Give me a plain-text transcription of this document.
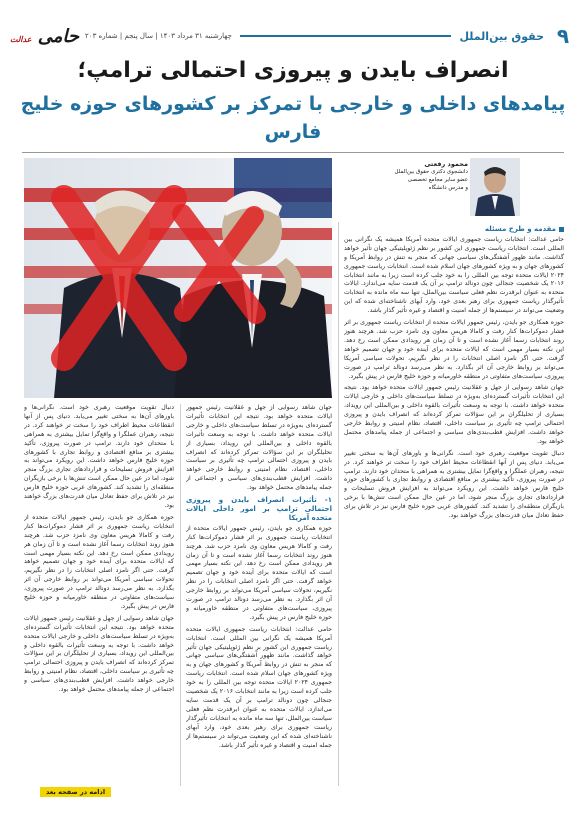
۹
حقوق بین‌الملل
چهارشنبه ۳۱ مرداد ۱۴۰۳ | سال پنجم | شماره ۲۰۳
حامی عدالت
انصراف بایدن و پیروزی احتمالی ترامپ؛
پیامدهای داخلی و خارجی با تمرکز بر کشورهای حوزه خلیج فارس
محمود رفعتی
دانشجوی دکتری حقوق بین‌الملل
عضو سایر مجامع تخصصی
و مدرس دانشگاه
مقدمه و طرح مسئله

حامی عدالت: انتخابات ریاست جمهوری ایالات متحده آمریکا همیشه یک نگرانی بین المللی است. انتخابات ریاست جمهوری این کشور بر نظم ژئوپلیتیکی جهان تأثیر خواهد گذاشت. مانند ظهور آشفتگی‌های سیاسی جهانی که منجر به تنش در روابط آمریکا و کشورهای جهان و به ویژه کشورهای جهان اسلام شده است. انتخابات ریاست جمهوری ۲۰۲۴ ایالات متحده توجه بین المللی را به خود جلب کرده است زیرا به مانند انتخابات ۲۰۱۶ یک شخصیت جنجالی چون دونالد ترامپ بر آن یک قدمت سایه می‌اندازد. ایالات متحده به عنوان ابرقدرت نظم فعلی سیاست بین‌الملل، تنها سه ماه مانده به انتخابات تأثیرگذار ریاست جمهوری برای رهبر بعدی خود، وارد آبهای ناشناخته‌ای شده که این وضعیت می‌تواند در سیستم‌ها از جمله امنیت و اقتصاد و غیره تأثیر گذار باشد.

حوزه همکاری جو بایدن، رئیس جمهور ایالات متحده از انتخابات ریاست جمهوری بر اثر فشار دموکرات‌ها کنار رفت و کامالا هریس معاون وی نامزد حزب شد. هرچند هنوز روند انتخابات رسما آغاز نشده است و تا آن زمان هر رویدادی ممکن است رخ دهد. این نکته بسیار مهمی است که ایالات متحده برای آینده خود و جهان تصمیم خواهد گرفت. حتی اگر نامزد اصلی انتخابات را در نظر نگیریم، تحولات سیاسی آمریکا می‌تواند بر روابط خارجی آن اثر بگذارد. به نظر می‌رسد دونالد ترامپ در صورت پیروزی، سیاست‌های متفاوتی در منطقه خاورمیانه و حوزه خلیج فارس در پیش بگیرد.

جهان شاهد رسوایی از جهل و عقلانیت رئیس جمهور ایالات متحده خواهد بود. نتیجه این انتخابات تأثیرات گسترده‌ای به‌ویژه در تسلط سیاست‌های داخلی و خارجی ایالات متحده خواهد داشت. با توجه به وسعت تأثیرات بالقوه داخلی و بین‌المللی این رویداد، بسیاری از تحلیلگران بر این سؤالات تمرکز کرده‌اند که انصراف بایدن و پیروزی احتمالی ترامپ چه تأثیری بر سیاست داخلی، اقتصاد، نظام امنیتی و روابط خارجی خواهد داشت. افزایش قطب‌بندی‌های سیاسی و اجتماعی از جمله پیامدهای محتمل خواهد بود.

دنبال تقویت موقعیت رهبری خود است. نگرانی‌ها و باورهای آن‌ها به سختی تغییر می‌یابد. دنیای پس از آنها انقطاعات محیط اطراف خود را سخت تر خواهند کرد. در نتیجه، رهبران عملگرا و واقع‌گرا تمایل بیشتری به همراهی با متحدان خود دارند. ترامپ در صورت پیروزی، تأکید بیشتری بر منافع اقتصادی و روابط تجاری با کشورهای حوزه خلیج فارس خواهد داشت. این رویکرد می‌تواند به افزایش فروش تسلیحات و قراردادهای تجاری بزرگ منجر شود، اما در عین حال ممکن است تنش‌ها با برخی بازیگران منطقه‌ای را تشدید کند. کشورهای عربی حوزه خلیج فارس نیز در تلاش برای حفظ تعادل میان قدرت‌های بزرگ خواهند بود.

جهان شاهد رسوایی از جهل و عقلانیت رئیس جمهور ایالات متحده خواهد بود. نتیجه این انتخابات تأثیرات گسترده‌ای به‌ویژه در تسلط سیاست‌های داخلی و خارجی ایالات متحده خواهد داشت. با توجه به وسعت تأثیرات بالقوه داخلی و بین‌المللی این رویداد، بسیاری از تحلیلگران بر این سؤالات تمرکز کرده‌اند که انصراف بایدن و پیروزی احتمالی ترامپ چه تأثیری بر سیاست داخلی، اقتصاد، نظام امنیتی و روابط خارجی خواهد داشت. افزایش قطب‌بندی‌های سیاسی و اجتماعی از جمله پیامدهای محتمل خواهد بود.

۱- تأثیرات انصراف بایدن و پیروزی احتمالی ترامپ بر امور داخلی ایالات متحده آمریکا

حوزه همکاری جو بایدن، رئیس جمهور ایالات متحده از انتخابات ریاست جمهوری بر اثر فشار دموکرات‌ها کنار رفت و کامالا هریس معاون وی نامزد حزب شد. هرچند هنوز روند انتخابات رسما آغاز نشده است و تا آن زمان هر رویدادی ممکن است رخ دهد. این نکته بسیار مهمی است که ایالات متحده برای آینده خود و جهان تصمیم خواهد گرفت. حتی اگر نامزد اصلی انتخابات را در نظر نگیریم، تحولات سیاسی آمریکا می‌تواند بر روابط خارجی آن اثر بگذارد. به نظر می‌رسد دونالد ترامپ در صورت پیروزی، سیاست‌های متفاوتی در منطقه خاورمیانه و حوزه خلیج فارس در پیش بگیرد.

حامی عدالت: انتخابات ریاست جمهوری ایالات متحده آمریکا همیشه یک نگرانی بین المللی است. انتخابات ریاست جمهوری این کشور بر نظم ژئوپلیتیکی جهان تأثیر خواهد گذاشت. مانند ظهور آشفتگی‌های سیاسی جهانی که منجر به تنش در روابط آمریکا و کشورهای جهان و به ویژه کشورهای جهان اسلام شده است. انتخابات ریاست جمهوری ۲۰۲۴ ایالات متحده توجه بین المللی را به خود جلب کرده است زیرا به مانند انتخابات ۲۰۱۶ یک شخصیت جنجالی چون دونالد ترامپ بر آن یک قدمت سایه می‌اندازد. ایالات متحده به عنوان ابرقدرت نظم فعلی سیاست بین‌الملل، تنها سه ماه مانده به انتخابات تأثیرگذار ریاست جمهوری برای رهبر بعدی خود، وارد آبهای ناشناخته‌ای شده که این وضعیت می‌تواند در سیستم‌ها از جمله امنیت و اقتصاد و غیره تأثیر گذار باشد.

دنبال تقویت موقعیت رهبری خود است. نگرانی‌ها و باورهای آن‌ها به سختی تغییر می‌یابد. دنیای پس از آنها انقطاعات محیط اطراف خود را سخت تر خواهند کرد. در نتیجه، رهبران عملگرا و واقع‌گرا تمایل بیشتری به همراهی با متحدان خود دارند. ترامپ در صورت پیروزی، تأکید بیشتری بر منافع اقتصادی و روابط تجاری با کشورهای حوزه خلیج فارس خواهد داشت. این رویکرد می‌تواند به افزایش فروش تسلیحات و قراردادهای تجاری بزرگ منجر شود، اما در عین حال ممکن است تنش‌ها با برخی بازیگران منطقه‌ای را تشدید کند. کشورهای عربی حوزه خلیج فارس نیز در تلاش برای حفظ تعادل میان قدرت‌های بزرگ خواهند بود.

حوزه همکاری جو بایدن، رئیس جمهور ایالات متحده از انتخابات ریاست جمهوری بر اثر فشار دموکرات‌ها کنار رفت و کامالا هریس معاون وی نامزد حزب شد. هرچند هنوز روند انتخابات رسما آغاز نشده است و تا آن زمان هر رویدادی ممکن است رخ دهد. این نکته بسیار مهمی است که ایالات متحده برای آینده خود و جهان تصمیم خواهد گرفت. حتی اگر نامزد اصلی انتخابات را در نظر نگیریم، تحولات سیاسی آمریکا می‌تواند بر روابط خارجی آن اثر بگذارد. به نظر می‌رسد دونالد ترامپ در صورت پیروزی، سیاست‌های متفاوتی در منطقه خاورمیانه و حوزه خلیج فارس در پیش بگیرد.

جهان شاهد رسوایی از جهل و عقلانیت رئیس جمهور ایالات متحده خواهد بود. نتیجه این انتخابات تأثیرات گسترده‌ای به‌ویژه در تسلط سیاست‌های داخلی و خارجی ایالات متحده خواهد داشت. با توجه به وسعت تأثیرات بالقوه داخلی و بین‌المللی این رویداد، بسیاری از تحلیلگران بر این سؤالات تمرکز کرده‌اند که انصراف بایدن و پیروزی احتمالی ترامپ چه تأثیری بر سیاست داخلی، اقتصاد، نظام امنیتی و روابط خارجی خواهد داشت. افزایش قطب‌بندی‌های سیاسی و اجتماعی از جمله پیامدهای محتمل خواهد بود.

ادامه در صفحه بعد
